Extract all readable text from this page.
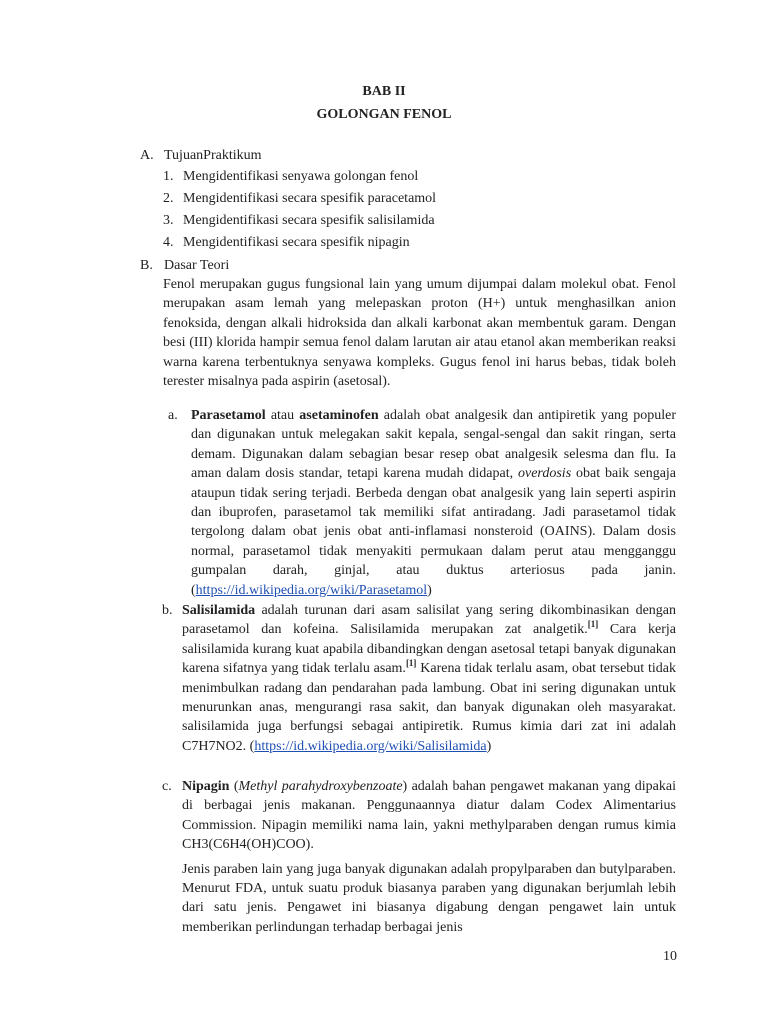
BAB II
GOLONGAN FENOL
A. TujuanPraktikum
1. Mengidentifikasi senyawa golongan fenol
2. Mengidentifikasi secara spesifik paracetamol
3. Mengidentifikasi secara spesifik salisilamida
4. Mengidentifikasi secara spesifik nipagin
B. Dasar Teori

Fenol merupakan gugus fungsional lain yang umum dijumpai dalam molekul obat. Fenol merupakan asam lemah yang melepaskan proton (H+) untuk menghasilkan anion fenoksida, dengan alkali hidroksida dan alkali karbonat akan membentuk garam. Dengan besi (III) klorida hampir semua fenol dalam larutan air atau etanol akan memberikan reaksi warna karena terbentuknya senyawa kompleks. Gugus fenol ini harus bebas, tidak boleh terester misalnya pada aspirin (asetosal).

a. Parasetamol atau asetaminofen adalah obat analgesik dan antipiretik yang populer dan digunakan untuk melegakan sakit kepala, sengal-sengal dan sakit ringan, serta demam. Digunakan dalam sebagian besar resep obat analgesik selesma dan flu. Ia aman dalam dosis standar, tetapi karena mudah didapat, overdosis obat baik sengaja ataupun tidak sering terjadi. Berbeda dengan obat analgesik yang lain seperti aspirin dan ibuprofen, parasetamol tak memiliki sifat antiradang. Jadi parasetamol tidak tergolong dalam obat jenis obat anti-inflamasi nonsteroid (OAINS). Dalam dosis normal, parasetamol tidak menyakiti permukaan dalam perut atau mengganggu gumpalan darah, ginjal, atau duktus arteriosus pada janin. (https://id.wikipedia.org/wiki/Parasetamol)

b. Salisilamida adalah turunan dari asam salisilat yang sering dikombinasikan dengan parasetamol dan kofeina. Salisilamida merupakan zat analgetik.[1] Cara kerja salisilamida kurang kuat apabila dibandingkan dengan asetosal tetapi banyak digunakan karena sifatnya yang tidak terlalu asam.[1] Karena tidak terlalu asam, obat tersebut tidak menimbulkan radang dan pendarahan pada lambung. Obat ini sering digunakan untuk menurunkan anas, mengurangi rasa sakit, dan banyak digunakan oleh masyarakat. salisilamida juga berfungsi sebagai antipiretik. Rumus kimia dari zat ini adalah C7H7NO2. (https://id.wikipedia.org/wiki/Salisilamida)

c. Nipagin (Methyl parahydroxybenzoate) adalah bahan pengawet makanan yang dipakai di berbagai jenis makanan. Penggunaannya diatur dalam Codex Alimentarius Commission. Nipagin memiliki nama lain, yakni methylparaben dengan rumus kimia CH3(C6H4(OH)COO).

Jenis paraben lain yang juga banyak digunakan adalah propylparaben dan butylparaben. Menurut FDA, untuk suatu produk biasanya paraben yang digunakan berjumlah lebih dari satu jenis. Pengawet ini biasanya digabung dengan pengawet lain untuk memberikan perlindungan terhadap berbagai jenis

10
